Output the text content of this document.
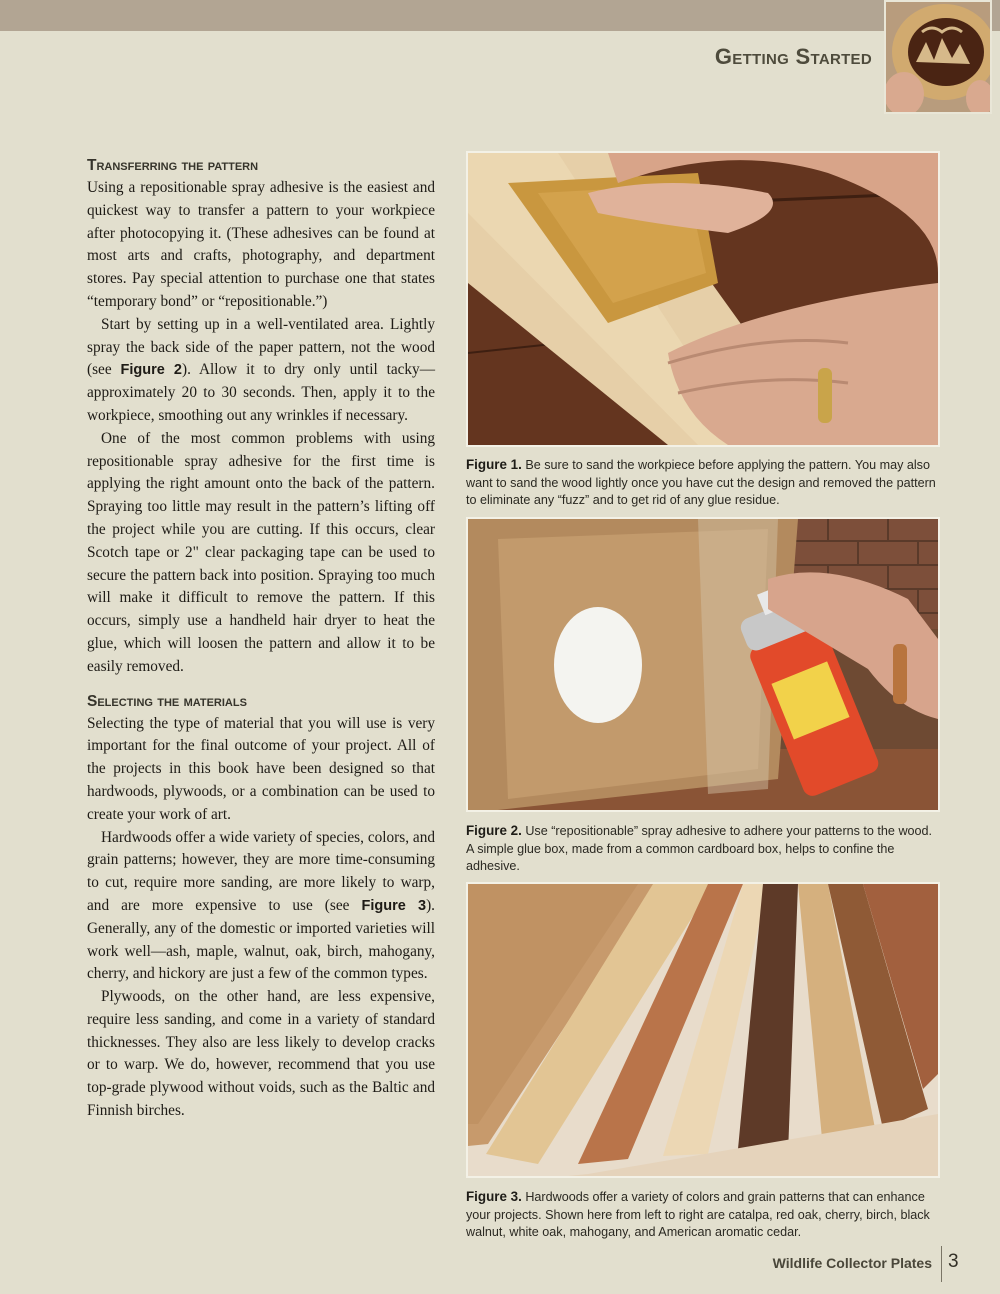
Getting Started
Transferring the pattern

Using a repositionable spray adhesive is the easiest and quickest way to transfer a pattern to your workpiece after photocopying it. (These adhesives can be found at most arts and crafts, photography, and department stores. Pay special attention to purchase one that states “temporary bond” or “repositionable.”)

Start by setting up in a well-ventilated area. Lightly spray the back side of the paper pattern, not the wood (see Figure 2). Allow it to dry only until tacky—approximately 20 to 30 seconds. Then, apply it to the workpiece, smoothing out any wrinkles if necessary.

One of the most common problems with using repositionable spray adhesive for the first time is applying the right amount onto the back of the pattern. Spraying too little may result in the pattern’s lifting off the project while you are cutting. If this occurs, clear Scotch tape or 2" clear packaging tape can be used to secure the pattern back into position. Spraying too much will make it difficult to remove the pattern. If this occurs, simply use a handheld hair dryer to heat the glue, which will loosen the pattern and allow it to be easily removed.

Selecting the materials

Selecting the type of material that you will use is very important for the final outcome of your project. All of the projects in this book have been designed so that hardwoods, plywoods, or a combination can be used to create your work of art.

Hardwoods offer a wide variety of species, colors, and grain patterns; however, they are more time-consuming to cut, require more sanding, are more likely to warp, and are more expensive to use (see Figure 3). Generally, any of the domestic or imported varieties will work well—ash, maple, walnut, oak, birch, mahogany, cherry, and hickory are just a few of the common types.

Plywoods, on the other hand, are less expensive, require less sanding, and come in a variety of standard thicknesses. They also are less likely to develop cracks or to warp. We do, however, recommend that you use top-grade plywood without voids, such as the Baltic and Finnish birches.

Figure 1. Be sure to sand the workpiece before applying the pattern. You may also want to sand the wood lightly once you have cut the design and removed the pattern to eliminate any “fuzz” and to get rid of any glue residue.
Figure 2. Use “repositionable” spray adhesive to adhere your patterns to the wood. A simple glue box, made from a common cardboard box, helps to confine the adhesive.
Figure 3. Hardwoods offer a variety of colors and grain patterns that can enhance your projects. Shown here from left to right are catalpa, red oak, cherry, birch, black walnut, white oak, mahogany, and American aromatic cedar.
Wildlife Collector Plates 3
